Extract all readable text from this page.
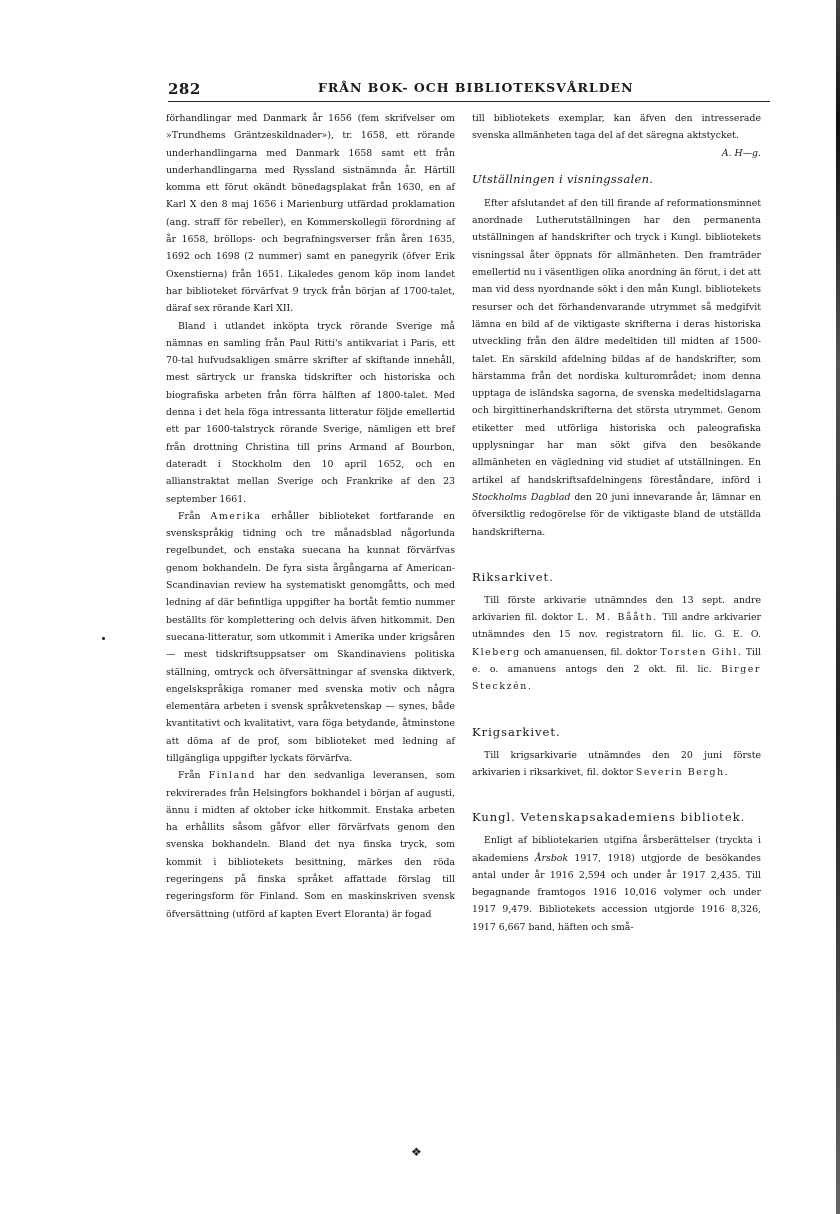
282	FRÅN BOK- OCH BIBLIOTEKSVÅRLDEN

förhandlingar med Danmark år 1656 (fem skrifvelser om »Trundhems Gräntzeskildnader»), tr. 1658, ett rörande underhandlingarna med Danmark 1658 samt ett från underhandlingarna med Ryssland sistnämnda år. Härtill komma ett förut okändt bönedagsplakat från 1630, en af Karl X den 8 maj 1656 i Marienburg utfärdad proklamation (ang. straff för rebeller), en Kommerskollegii förordning af år 1658, bröllops- och begrafningsverser från åren 1635, 1692 och 1698 (2 nummer) samt en panegyrik (öfver Erik Oxenstierna) från 1651. Likaledes genom köp inom landet har biblioteket förvärfvat 9 tryck från början af 1700-talet, däraf sex rörande Karl XII.

Bland i utlandet inköpta tryck rörande Sverige må nämnas en samling från Paul Ritti's antikvariat i Paris, ett 70-tal hufvudsakligen smärre skrifter af skiftande innehåll, mest särtryck ur franska tidskrifter och historiska och biografiska arbeten från förra hälften af 1800-talet. Med denna i det hela föga intressanta litteratur följde emellertid ett par 1600-talstryck rörande Sverige, nämligen ett bref från drottning Christina till prins Armand af Bourbon, dateradt i Stockholm den 10 april 1652, och en allianstraktat mellan Sverige och Frankrike af den 23 september 1661.

Från Amerika erhåller biblioteket fortfarande en svenskspråkig tidning och tre månadsblad någorlunda regelbundet, och enstaka suecana ha kunnat förvärfvas genom bokhandeln. De fyra sista årgångarna af American-Scandinavian review ha systematiskt genomgåtts, och med ledning af där befintliga uppgifter ha bortåt femtio nummer beställts för komplettering och delvis äfven hitkommit. Den suecana-litteratur, som utkommit i Amerika under krigsåren — mest tidskriftsuppsatser om Skandinaviens politiska ställning, omtryck och öfversättningar af svenska diktverk, engelskspråkiga romaner med svenska motiv och några elementära arbeten i svensk språkvetenskap — synes, både kvantitativt och kvalitativt, vara föga betydande, åtminstone att döma af de prof, som biblioteket med ledning af tillgängliga uppgifter lyckats förvärfva.

Från Finland har den sedvanliga leveransen, som rekvirerades från Helsingfors bokhandel i början af augusti, ännu i midten af oktober icke hitkommit. Enstaka arbeten ha erhållits såsom gåfvor eller förvärfvats genom den svenska bokhandeln. Bland det nya finska tryck, som kommit i bibliotekets besittning, märkes den röda regeringens på finska språket affattade förslag till regeringsform för Finland. Som en maskinskriven svensk öfversättning (utförd af kapten Evert Eloranta) är fogad

till bibliotekets exemplar, kan äfven den intresserade svenska allmänheten taga del af det säregna aktstycket.
A. H—g.

Utställningen i visningssalen.

Efter afslutandet af den till firande af reformationsminnet anordnade Lutherutställningen har den permanenta utställningen af handskrifter och tryck i Kungl. bibliotekets visningssal åter öppnats för allmänheten. Den framträder emellertid nu i väsentligen olika anordning än förut, i det att man vid dess nyordnande sökt i den mån Kungl. bibliotekets resurser och det förhandenvarande utrymmet så medgifvit lämna en bild af de viktigaste skrifterna i deras historiska utveckling från den äldre medeltiden till midten af 1500-talet. En särskild afdelning bildas af de handskrifter, som härstamma från det nordiska kulturområdet; inom denna upptaga de isländska sagorna, de svenska medeltidslagarna och birgittinerhandskrifterna det största utrymmet. Genom etiketter med utförliga historiska och paleografiska upplysningar har man sökt gifva den besökande allmänheten en vägledning vid studiet af utställningen. En artikel af handskriftsafdelningens föreståndare, införd i Stockholms Dagblad den 20 juni innevarande år, lämnar en öfversiktlig redogörelse för de viktigaste bland de utställda handskrifterna.

Riksarkivet.

Till förste arkivarie utnämndes den 13 sept. andre arkivarien fil. doktor L. M. Bååth. Till andre arkivarier utnämndes den 15 nov. registratorn fil. lic. G. E. O. Kleberg och amanuensen, fil. doktor Torsten Gihl. Till e. o. amanuens antogs den 2 okt. fil. lic. Birger Steckzén.

Krigsarkivet.

Till krigsarkivarie utnämndes den 20 juni förste arkivarien i riksarkivet, fil. doktor Severin Bergh.

Kungl. Vetenskapsakademiens bibliotek.

Enligt af bibliotekarien utgifna årsberättelser (tryckta i akademiens Årsbok 1917, 1918) utgjorde de besökandes antal under år 1916 2,594 och under år 1917 2,435. Till begagnande framtogos 1916 10,016 volymer och under 1917 9,479. Bibliotekets accession utgjorde 1916 8,326, 1917 6,667 band, häften och små-

❖
